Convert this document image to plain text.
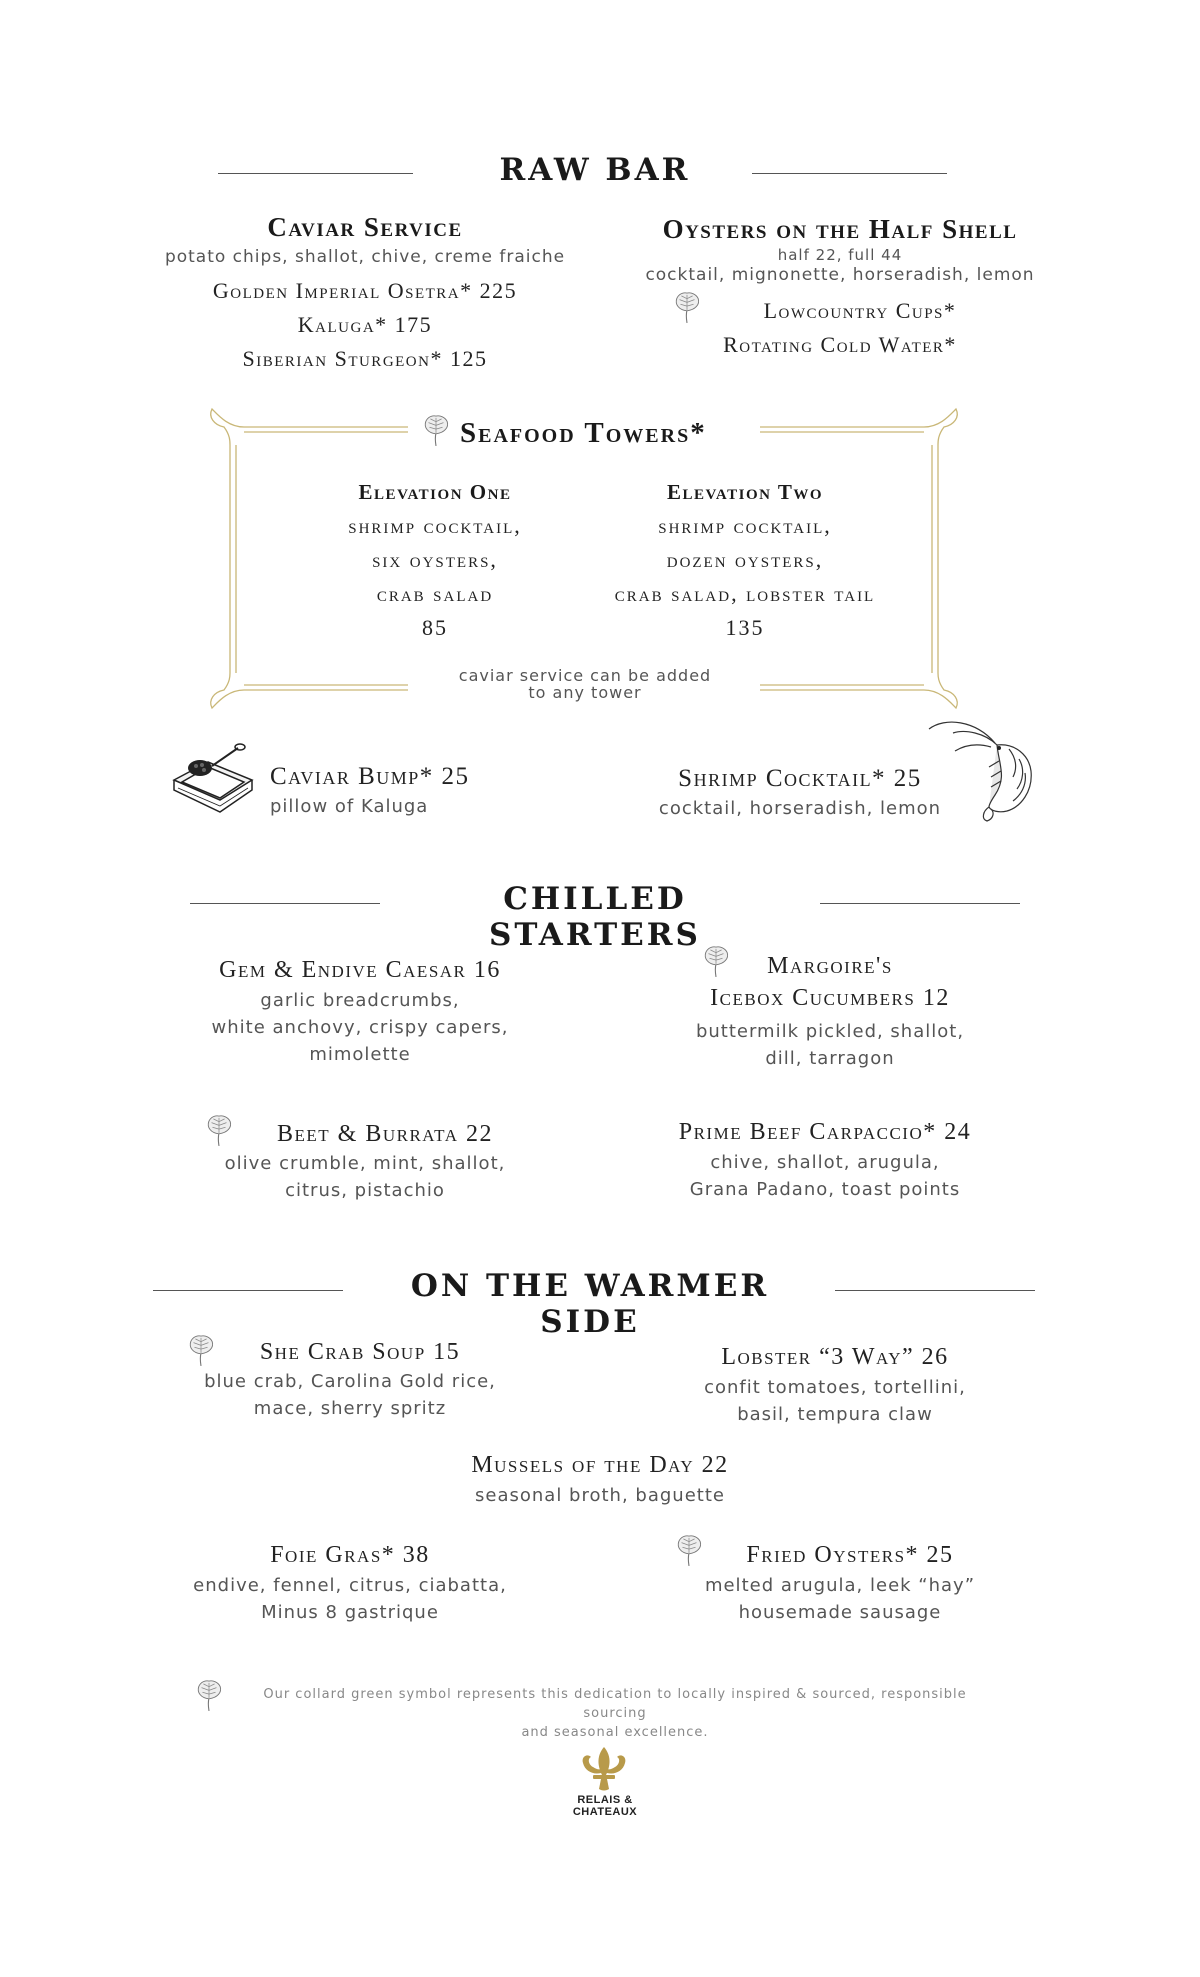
RAW BAR
Caviar Service
potato chips, shallot, chive, creme fraiche
Golden Imperial Osetra* 225
Kaluga* 175
Siberian Sturgeon* 125
Oysters on the Half Shell
half 22, full 44
cocktail, mignonette, horseradish, lemon
Lowcountry Cups*
Rotating Cold Water*
Seafood Towers*
Elevation One
shrimp cocktail,
six oysters,
crab salad
85
Elevation Two
shrimp cocktail,
dozen oysters,
crab salad, lobster tail
135
caviar service can be added
to any tower
Caviar Bump* 25
pillow of Kaluga
Shrimp Cocktail* 25
cocktail, horseradish, lemon
CHILLED STARTERS
Gem & Endive Caesar 16
garlic breadcrumbs,
white anchovy, crispy capers,
mimolette
Margoire's
Icebox Cucumbers 12
buttermilk pickled, shallot,
dill, tarragon
Beet & Burrata 22
olive crumble, mint, shallot,
citrus, pistachio
Prime Beef Carpaccio* 24
chive, shallot, arugula,
Grana Padano, toast points
ON THE WARMER SIDE
She Crab Soup 15
blue crab, Carolina Gold rice,
mace, sherry spritz
Lobster “3 Way” 26
confit tomatoes, tortellini,
basil, tempura claw
Mussels of the Day 22
seasonal broth, baguette
Foie Gras* 38
endive, fennel, citrus, ciabatta,
Minus 8 gastrique
Fried Oysters* 25
melted arugula, leek “hay”
housemade sausage
Our collard green symbol represents this dedication to locally inspired & sourced, responsible sourcing
and seasonal excellence.
RELAIS &
CHATEAUX
